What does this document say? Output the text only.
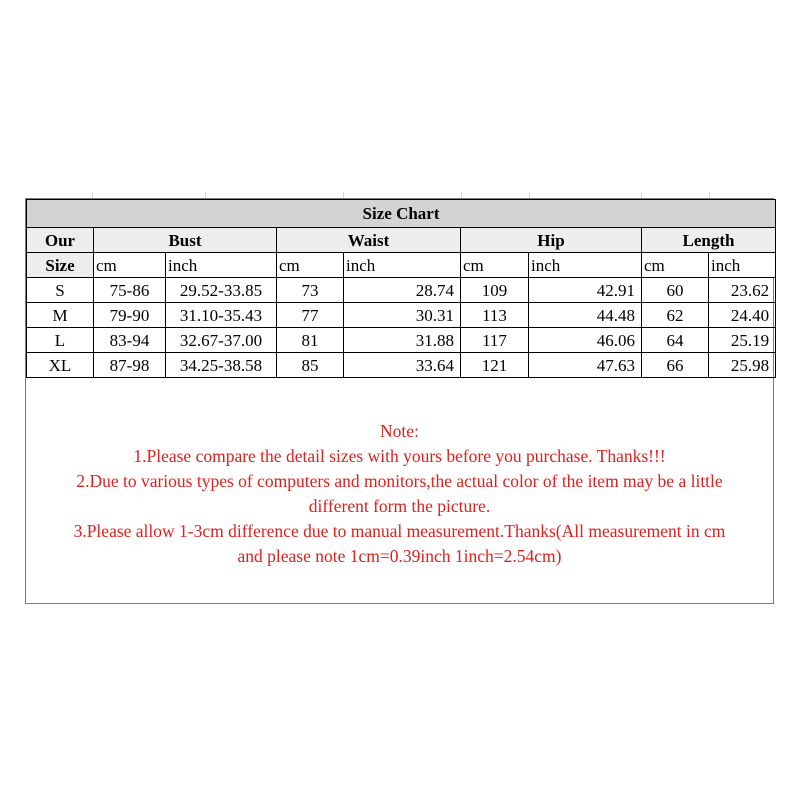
Size Chart								
Our	Bust		Waist		Hip		Length	
Size	cm	inch	cm	inch	cm	inch	cm	inch
S	75-86	29.52-33.85	73	28.74	109	42.91	60	23.62
M	79-90	31.10-35.43	77	30.31	113	44.48	62	24.40
L	83-94	32.67-37.00	81	31.88	117	46.06	64	25.19
XL	87-98	34.25-38.58	85	33.64	121	47.63	66	25.98
Note:
1.Please compare the detail sizes with yours before you purchase. Thanks!!!
2.Due to various types of computers and monitors,the actual color of the item may be a little
different form the picture.
3.Please allow 1-3cm difference due to manual measurement.Thanks(All measurement in cm
and please note 1cm=0.39inch 1inch=2.54cm)
